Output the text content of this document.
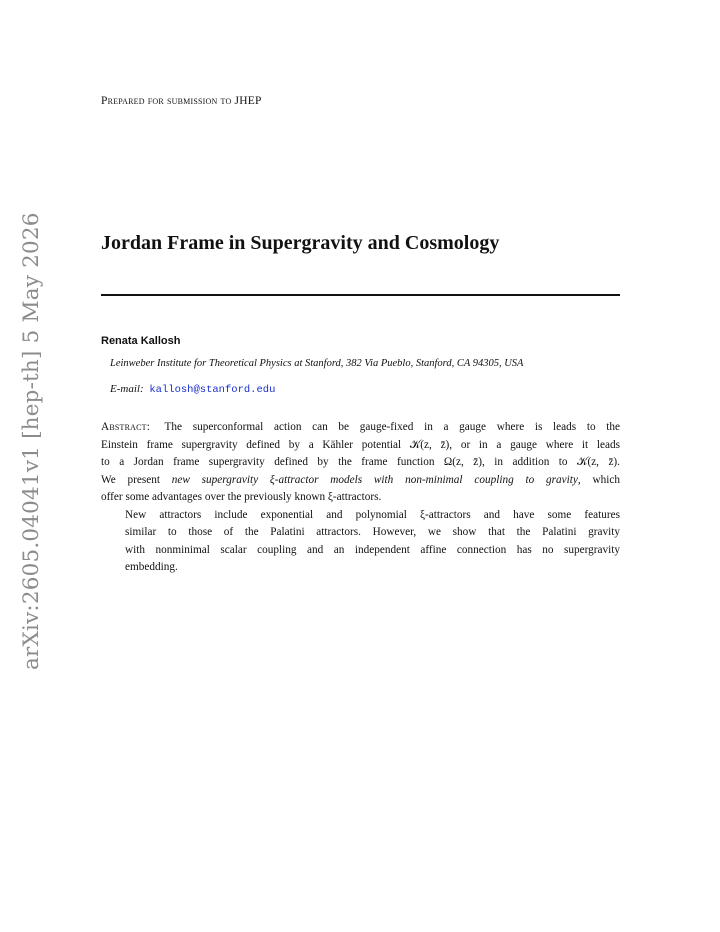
arXiv:2605.04041v1 [hep-th] 5 May 2026
Prepared for submission to JHEP
Jordan Frame in Supergravity and Cosmology
Renata Kallosh
Leinweber Institute for Theoretical Physics at Stanford, 382 Via Pueblo, Stanford, CA 94305, USA
E-mail: kallosh@stanford.edu

Abstract: The superconformal action can be gauge-fixed in a gauge where is leads to the
Einstein frame supergravity defined by a Kähler potential 𝒦(z, z̄), or in a gauge where it leads
to a Jordan frame supergravity defined by the frame function Ω(z, z̄), in addition to 𝒦(z, z̄).
We present new supergravity ξ-attractor models with non-minimal coupling to gravity, which
offer some advantages over the previously known ξ-attractors.

New attractors include exponential and polynomial ξ-attractors and have some features
similar to those of the Palatini attractors. However, we show that the Palatini gravity
with nonminimal scalar coupling and an independent affine connection has no supergravity
embedding.
